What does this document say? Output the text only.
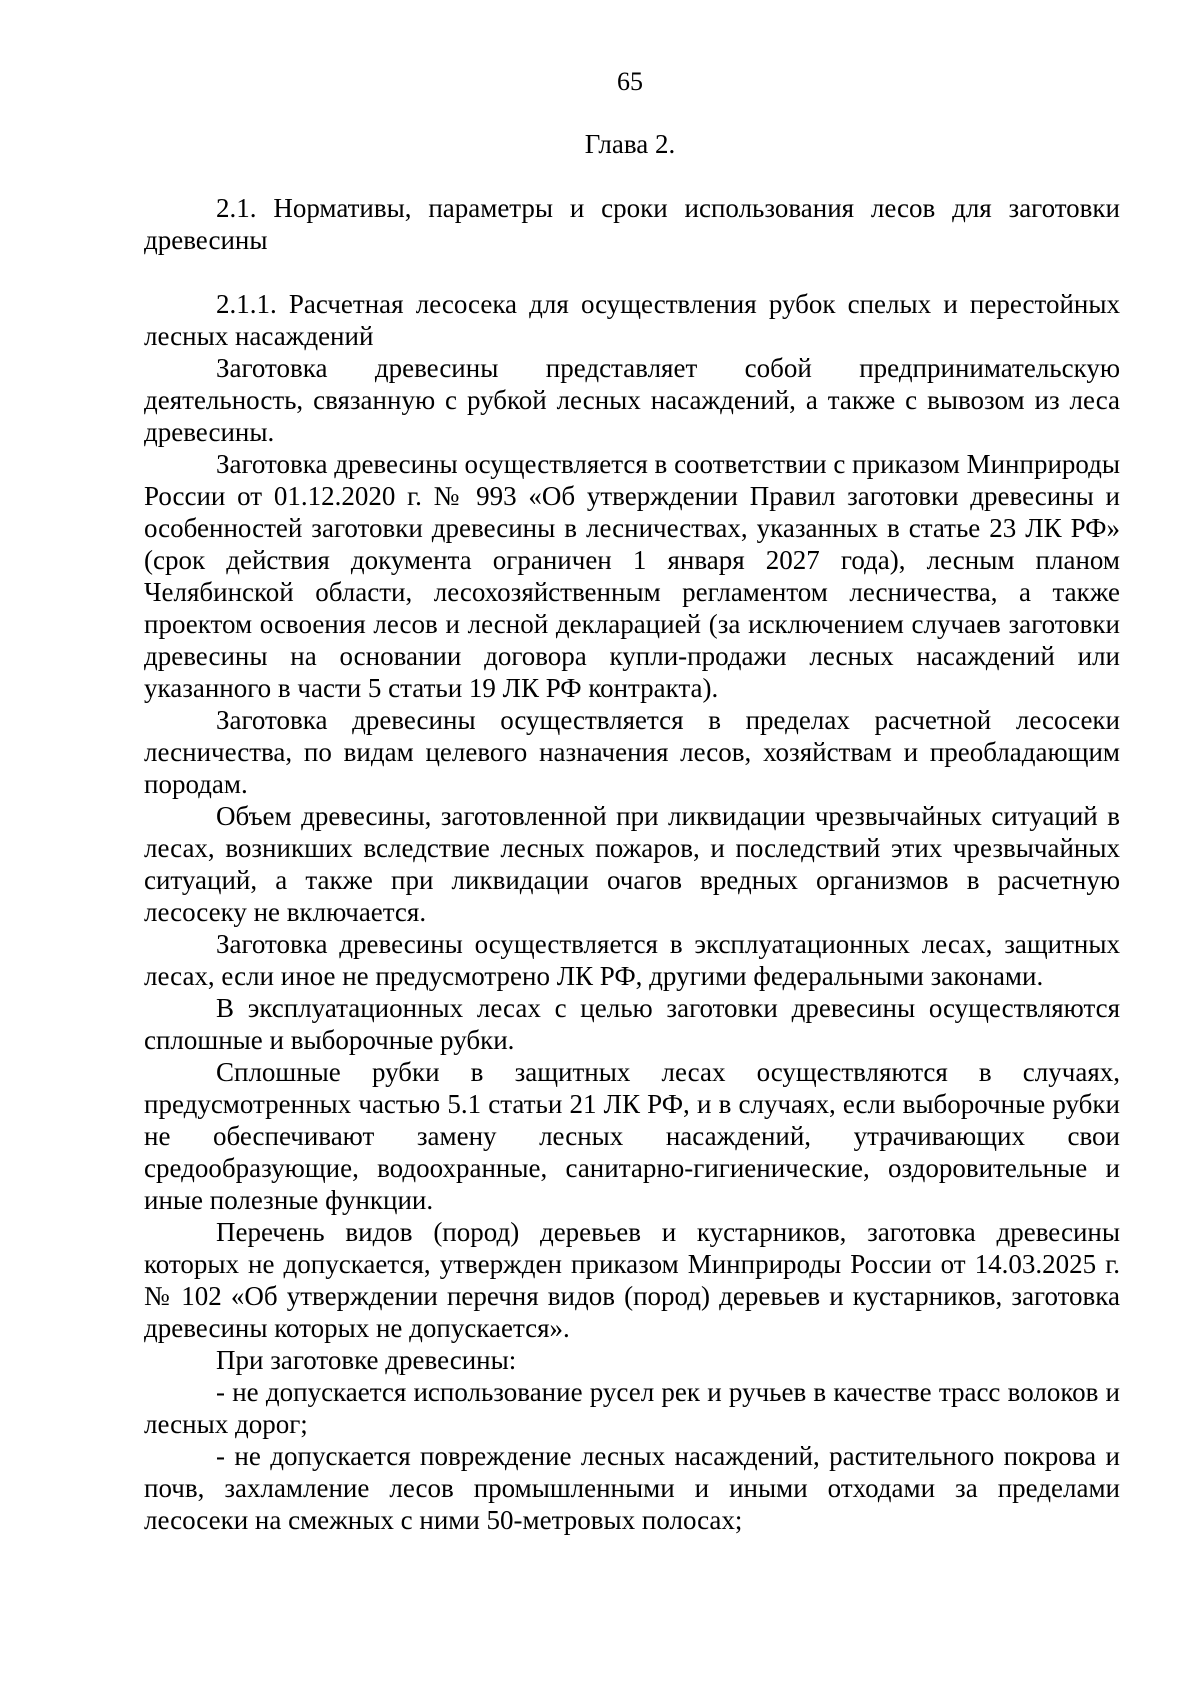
65
Глава 2.

2.1. Нормативы, параметры и сроки использования лесов для заготовки древесины

2.1.1. Расчетная лесосека для осуществления рубок спелых и перестойных лесных насаждений

Заготовка древесины представляет собой предпринимательскую деятельность, связанную с рубкой лесных насаждений, а также с вывозом из леса древесины.

Заготовка древесины осуществляется в соответствии с приказом Минприроды России от 01.12.2020 г. № 993 «Об утверждении Правил заготовки древесины и особенностей заготовки древесины в лесничествах, указанных в статье 23 ЛК РФ» (срок действия документа ограничен 1 января 2027 года), лесным планом Челябинской области, лесохозяйственным регламентом лесничества, а также проектом освоения лесов и лесной декларацией (за исключением случаев заготовки древесины на основании договора купли-продажи лесных насаждений или указанного в части 5 статьи 19 ЛК РФ контракта).

Заготовка древесины осуществляется в пределах расчетной лесосеки лесничества, по видам целевого назначения лесов, хозяйствам и преобладающим породам.

Объем древесины, заготовленной при ликвидации чрезвычайных ситуаций в лесах, возникших вследствие лесных пожаров, и последствий этих чрезвычайных ситуаций, а также при ликвидации очагов вредных организмов в расчетную лесосеку не включается.

Заготовка древесины осуществляется в эксплуатационных лесах, защитных лесах, если иное не предусмотрено ЛК РФ, другими федеральными законами.

В эксплуатационных лесах с целью заготовки древесины осуществляются сплошные и выборочные рубки.

Сплошные рубки в защитных лесах осуществляются в случаях, предусмотренных частью 5.1 статьи 21 ЛК РФ, и в случаях, если выборочные рубки не обеспечивают замену лесных насаждений, утрачивающих свои средообразующие, водоохранные, санитарно-гигиенические, оздоровительные и иные полезные функции.

Перечень видов (пород) деревьев и кустарников, заготовка древесины которых не допускается, утвержден приказом Минприроды России от 14.03.2025 г. № 102 «Об утверждении перечня видов (пород) деревьев и кустарников, заготовка древесины которых не допускается».

При заготовке древесины:

- не допускается использование русел рек и ручьев в качестве трасс волоков и лесных дорог;

- не допускается повреждение лесных насаждений, растительного покрова и почв, захламление лесов промышленными и иными отходами за пределами лесосеки на смежных с ними 50-метровых полосах;
